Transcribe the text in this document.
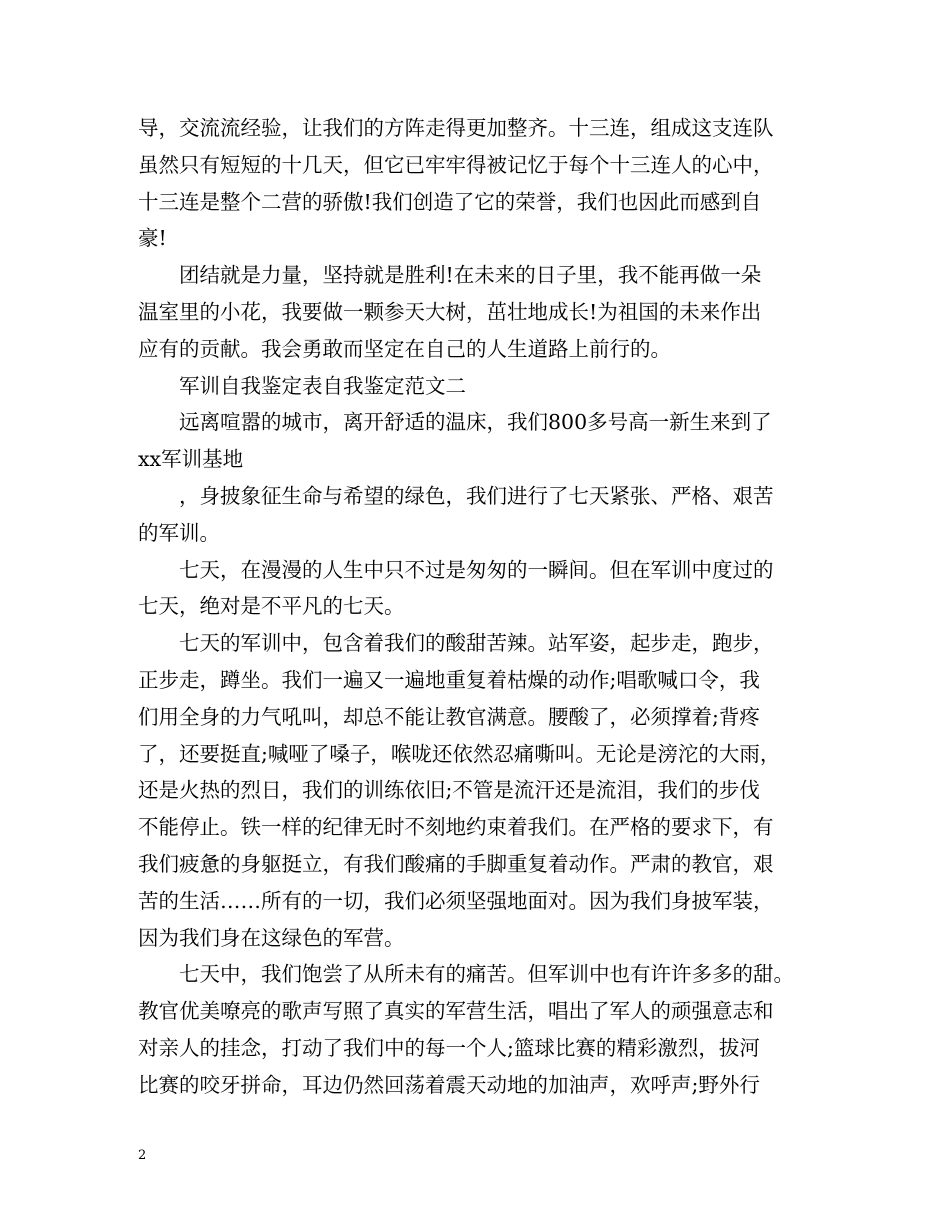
导，交流流经验，让我们的方阵走得更加整齐。十三连，组成这支连队
虽然只有短短的十几天，但它已牢牢得被记忆于每个十三连人的心中，
十三连是整个二营的骄傲!我们创造了它的荣誉，我们也因此而感到自
豪!

团结就是力量，坚持就是胜利!在未来的日子里，我不能再做一朵
温室里的小花，我要做一颗参天大树，茁壮地成长!为祖国的未来作出
应有的贡献。我会勇敢而坚定在自己的人生道路上前行的。

军训自我鉴定表自我鉴定范文二

远离喧嚣的城市，离开舒适的温床，我们800多号高一新生来到了
xx军训基地

，身披象征生命与希望的绿色，我们进行了七天紧张、严格、艰苦
的军训。

七天，在漫漫的人生中只不过是匆匆的一瞬间。但在军训中度过的
七天，绝对是不平凡的七天。

七天的军训中，包含着我们的酸甜苦辣。站军姿，起步走，跑步，
正步走，蹲坐。我们一遍又一遍地重复着枯燥的动作;唱歌喊口令，我
们用全身的力气吼叫，却总不能让教官满意。腰酸了，必须撑着;背疼
了，还要挺直;喊哑了嗓子，喉咙还依然忍痛嘶叫。无论是滂沱的大雨，
还是火热的烈日，我们的训练依旧;不管是流汗还是流泪，我们的步伐
不能停止。铁一样的纪律无时不刻地约束着我们。在严格的要求下，有
我们疲惫的身躯挺立，有我们酸痛的手脚重复着动作。严肃的教官，艰
苦的生活……所有的一切，我们必须坚强地面对。因为我们身披军装，
因为我们身在这绿色的军营。

七天中，我们饱尝了从所未有的痛苦。但军训中也有许许多多的甜。
教官优美嘹亮的歌声写照了真实的军营生活，唱出了军人的顽强意志和
对亲人的挂念，打动了我们中的每一个人;篮球比赛的精彩激烈，拔河
比赛的咬牙拼命，耳边仍然回荡着震天动地的加油声，欢呼声;野外行

2
